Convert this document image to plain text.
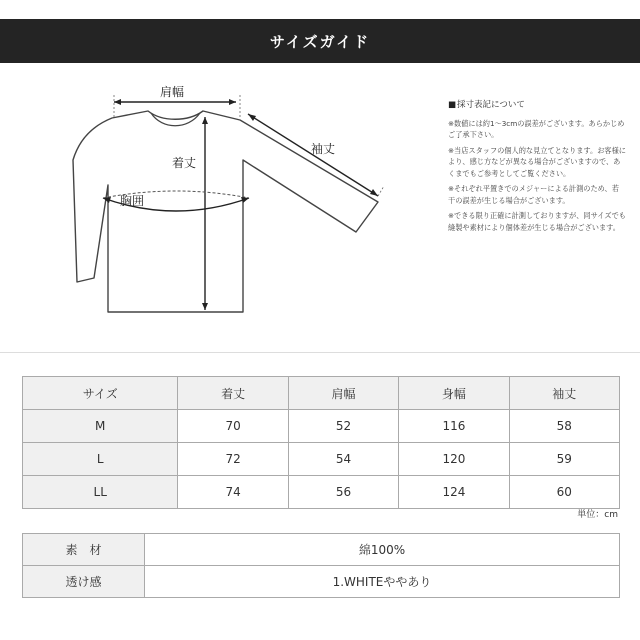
サイズガイド
肩幅
着丈
袖丈
胸囲
■ 採寸表記について
※数値には約1〜3cmの誤差がございます。あらかじめご了承下さい。
※当店スタッフの個人的な見立てとなります。お客様により、感じ方などが異なる場合がございますので、あくまでもご参考としてご覧ください。
※それぞれ平置きでのメジャーによる計測のため、若干の誤差が生じる場合がございます。
※できる限り正確に計測しておりますが、同サイズでも縫製や素材により個体差が生じる場合がございます。
サイズ	着丈	肩幅	身幅	袖丈
M	70	52	116	58
L	72	54	120	59
LL	74	56	124	60
単位：cm
素　材	綿100%
透け感	1.WHITEややあり
